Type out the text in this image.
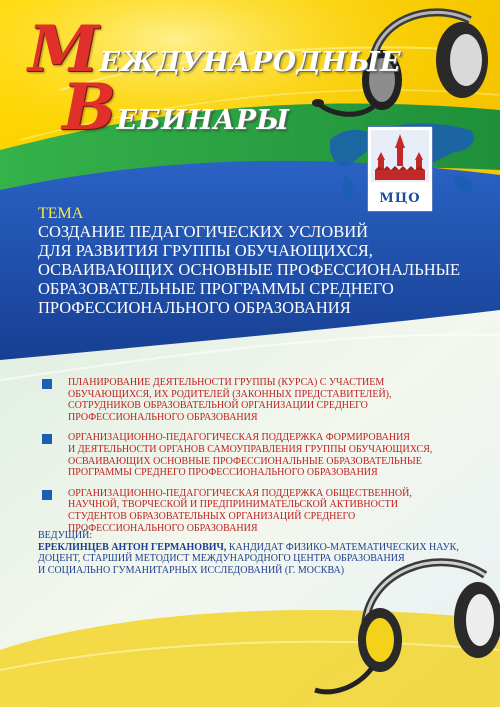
МЕЖДУНАРОДНЫЕ
ВЕБИНАРЫ
МЦО
ТЕМА
СОЗДАНИЕ ПЕДАГОГИЧЕСКИХ УСЛОВИЙ
ДЛЯ РАЗВИТИЯ ГРУППЫ ОБУЧАЮЩИХСЯ,
ОСВАИВАЮЩИХ ОСНОВНЫЕ ПРОФЕССИОНАЛЬНЫЕ
ОБРАЗОВАТЕЛЬНЫЕ ПРОГРАММЫ СРЕДНЕГО
ПРОФЕССИОНАЛЬНОГО ОБРАЗОВАНИЯ
ПЛАНИРОВАНИЕ ДЕЯТЕЛЬНОСТИ ГРУППЫ (КУРСА) С УЧАСТИЕМ
ОБУЧАЮЩИХСЯ, ИХ РОДИТЕЛЕЙ (ЗАКОННЫХ ПРЕДСТАВИТЕЛЕЙ),
СОТРУДНИКОВ ОБРАЗОВАТЕЛЬНОЙ ОРГАНИЗАЦИИ СРЕДНЕГО
ПРОФЕССИОНАЛЬНОГО ОБРАЗОВАНИЯ
ОРГАНИЗАЦИОННО-ПЕДАГОГИЧЕСКАЯ ПОДДЕРЖКА ФОРМИРОВАНИЯ
И ДЕЯТЕЛЬНОСТИ ОРГАНОВ САМОУПРАВЛЕНИЯ ГРУППЫ ОБУЧАЮЩИХСЯ,
ОСВАИВАЮЩИХ ОСНОВНЫЕ ПРОФЕССИОНАЛЬНЫЕ ОБРАЗОВАТЕЛЬНЫЕ
ПРОГРАММЫ СРЕДНЕГО ПРОФЕССИОНАЛЬНОГО ОБРАЗОВАНИЯ
ОРГАНИЗАЦИОННО-ПЕДАГОГИЧЕСКАЯ ПОДДЕРЖКА ОБЩЕСТВЕННОЙ,
НАУЧНОЙ, ТВОРЧЕСКОЙ И ПРЕДПРИНИМАТЕЛЬСКОЙ АКТИВНОСТИ
СТУДЕНТОВ ОБРАЗОВАТЕЛЬНЫХ ОРГАНИЗАЦИЙ СРЕДНЕГО
ПРОФЕССИОНАЛЬНОГО ОБРАЗОВАНИЯ
ВЕДУЩИЙ:
ЕРЕКЛИНЦЕВ АНТОН ГЕРМАНОВИЧ, КАНДИДАТ ФИЗИКО-МАТЕМАТИЧЕСКИХ НАУК,
ДОЦЕНТ, СТАРШИЙ МЕТОДИСТ МЕЖДУНАРОДНОГО ЦЕНТРА ОБРАЗОВАНИЯ
И СОЦИАЛЬНО ГУМАНИТАРНЫХ ИССЛЕДОВАНИЙ (Г. МОСКВА)
